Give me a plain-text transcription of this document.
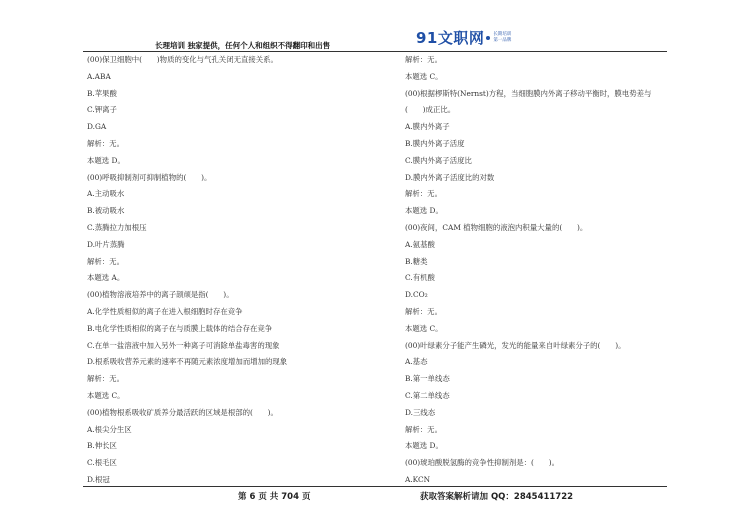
长理培训 独家提供，任何个人和组织不得翻印和出售	91文职网 长期培训
第一品牌
(00)保卫细胞中(　　)物质的变化与气孔关闭无直接关系。
A.ABA
B.苹果酸
C.钾离子
D.GA
解析：无。
本题选 D。
(00)呼吸抑制剂可抑制植物的(　　)。
A.主动吸水
B.被动吸水
C.蒸腾拉力加根压
D.叶片蒸腾
解析：无。
本题选 A。
(00)植物溶液培养中的离子颉颃是指(　　)。
A.化学性质相似的离子在进入根细胞时存在竞争
B.电化学性质相似的离子在与质膜上载体的结合存在竞争
C.在单一盐溶液中加入另外一种离子可消除单盐毒害的现象
D.根系吸收营养元素的速率不再随元素浓度增加而增加的现象
解析：无。
本题选 C。
(00)植物根系吸收矿质养分最活跃的区域是根部的(　　)。
A.根尖分生区
B.伸长区
C.根毛区
D.根冠
解析：无。
本题选 C。
(00)根据椤斯特(Nernst)方程，当细胞膜内外离子移动平衡时，膜电势差与
(　　)成正比。
A.膜内外离子
B.膜内外离子活度
C.膜内外离子活度比
D.膜内外离子活度比的对数
解析：无。
本题选 D。
(00)夜间，CAM 植物细胞的液泡内积量大量的(　　)。
A.氨基酸
B.糖类
C.有机酸
D.CO₂
解析：无。
本题选 C。
(00)叶绿素分子能产生磷光，发光的能量来自叶绿素分子的(　　)。
A.基态
B.第一单线态
C.第二单线态
D.三线态
解析：无。
本题选 D。
(00)琥珀酸脱氢酶的竞争性抑制剂是：(　　)。
A.KCN
第 6 页 共 704 页	获取答案解析请加 QQ：2845411722
